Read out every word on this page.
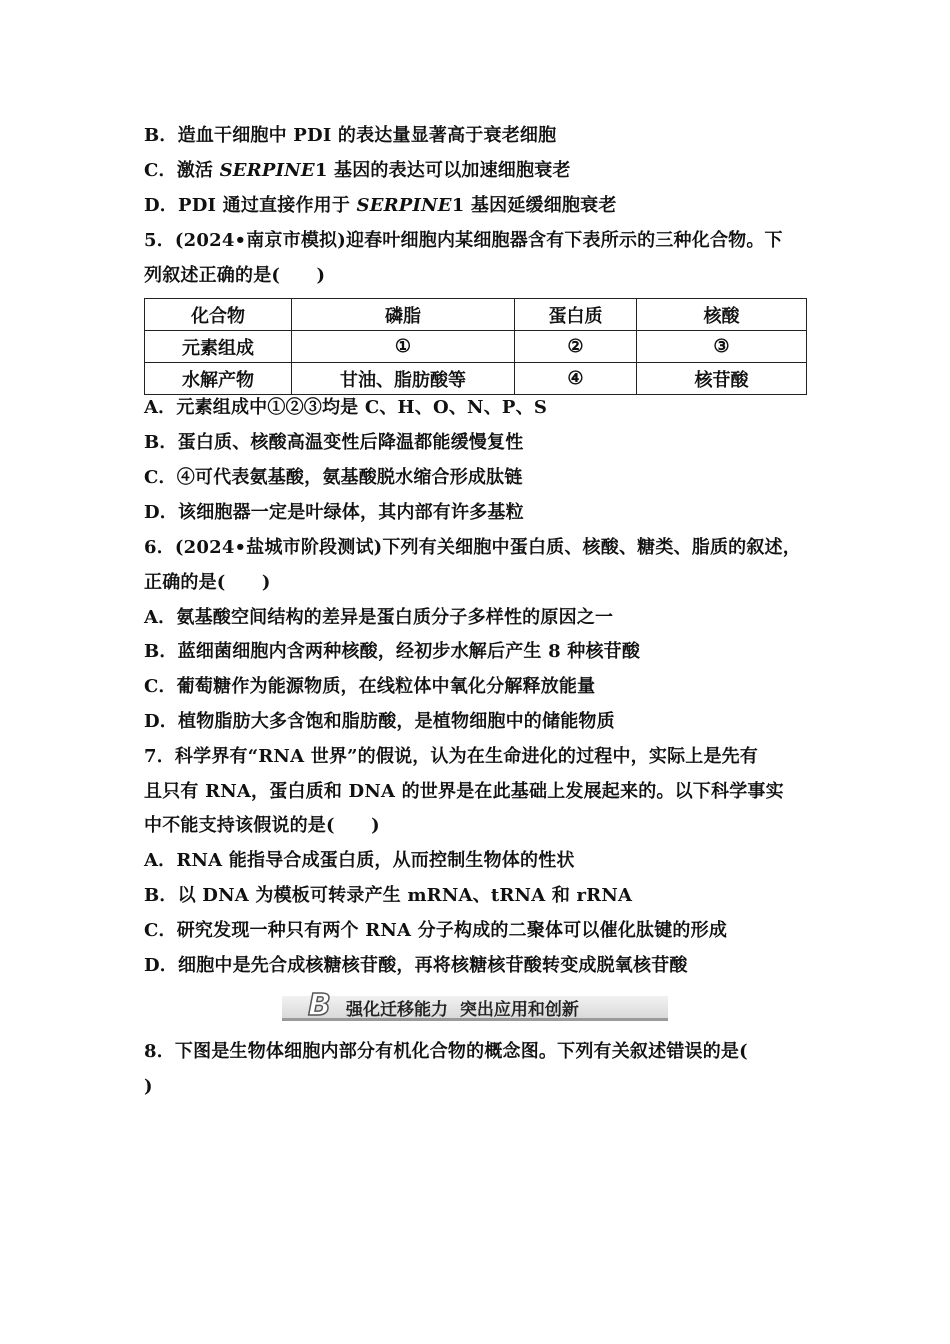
B．造血干细胞中 PDI 的表达量显著高于衰老细胞
C．激活 SERPINE1 基因的表达可以加速细胞衰老
D．PDI 通过直接作用于 SERPINE1 基因延缓细胞衰老
5．(2024•南京市模拟)迎春叶细胞内某细胞器含有下表所示的三种化合物。下
列叙述正确的是(　　)
化合物	磷脂	蛋白质	核酸
元素组成	①	②	③
水解产物	甘油、脂肪酸等	④	核苷酸
A．元素组成中①②③均是 C、H、O、N、P、S
B．蛋白质、核酸高温变性后降温都能缓慢复性
C．④可代表氨基酸，氨基酸脱水缩合形成肽链
D．该细胞器一定是叶绿体，其内部有许多基粒
6．(2024•盐城市阶段测试)下列有关细胞中蛋白质、核酸、糖类、脂质的叙述，
正确的是(　　)
A．氨基酸空间结构的差异是蛋白质分子多样性的原因之一
B．蓝细菌细胞内含两种核酸，经初步水解后产生 8 种核苷酸
C．葡萄糖作为能源物质，在线粒体中氧化分解释放能量
D．植物脂肪大多含饱和脂肪酸，是植物细胞中的储能物质
7．科学界有“RNA 世界”的假说，认为在生命进化的过程中，实际上是先有
且只有 RNA，蛋白质和 DNA 的世界是在此基础上发展起来的。以下科学事实
中不能支持该假说的是(　　)
A．RNA 能指导合成蛋白质，从而控制生物体的性状
B．以 DNA 为模板可转录产生 mRNA、tRNA 和 rRNA
C．研究发现一种只有两个 RNA 分子构成的二聚体可以催化肽键的形成
D．细胞中是先合成核糖核苷酸，再将核糖核苷酸转变成脱氧核苷酸
B 强化迁移能力  突出应用和创新
8．下图是生物体细胞内部分有机化合物的概念图。下列有关叙述错误的是(
)
